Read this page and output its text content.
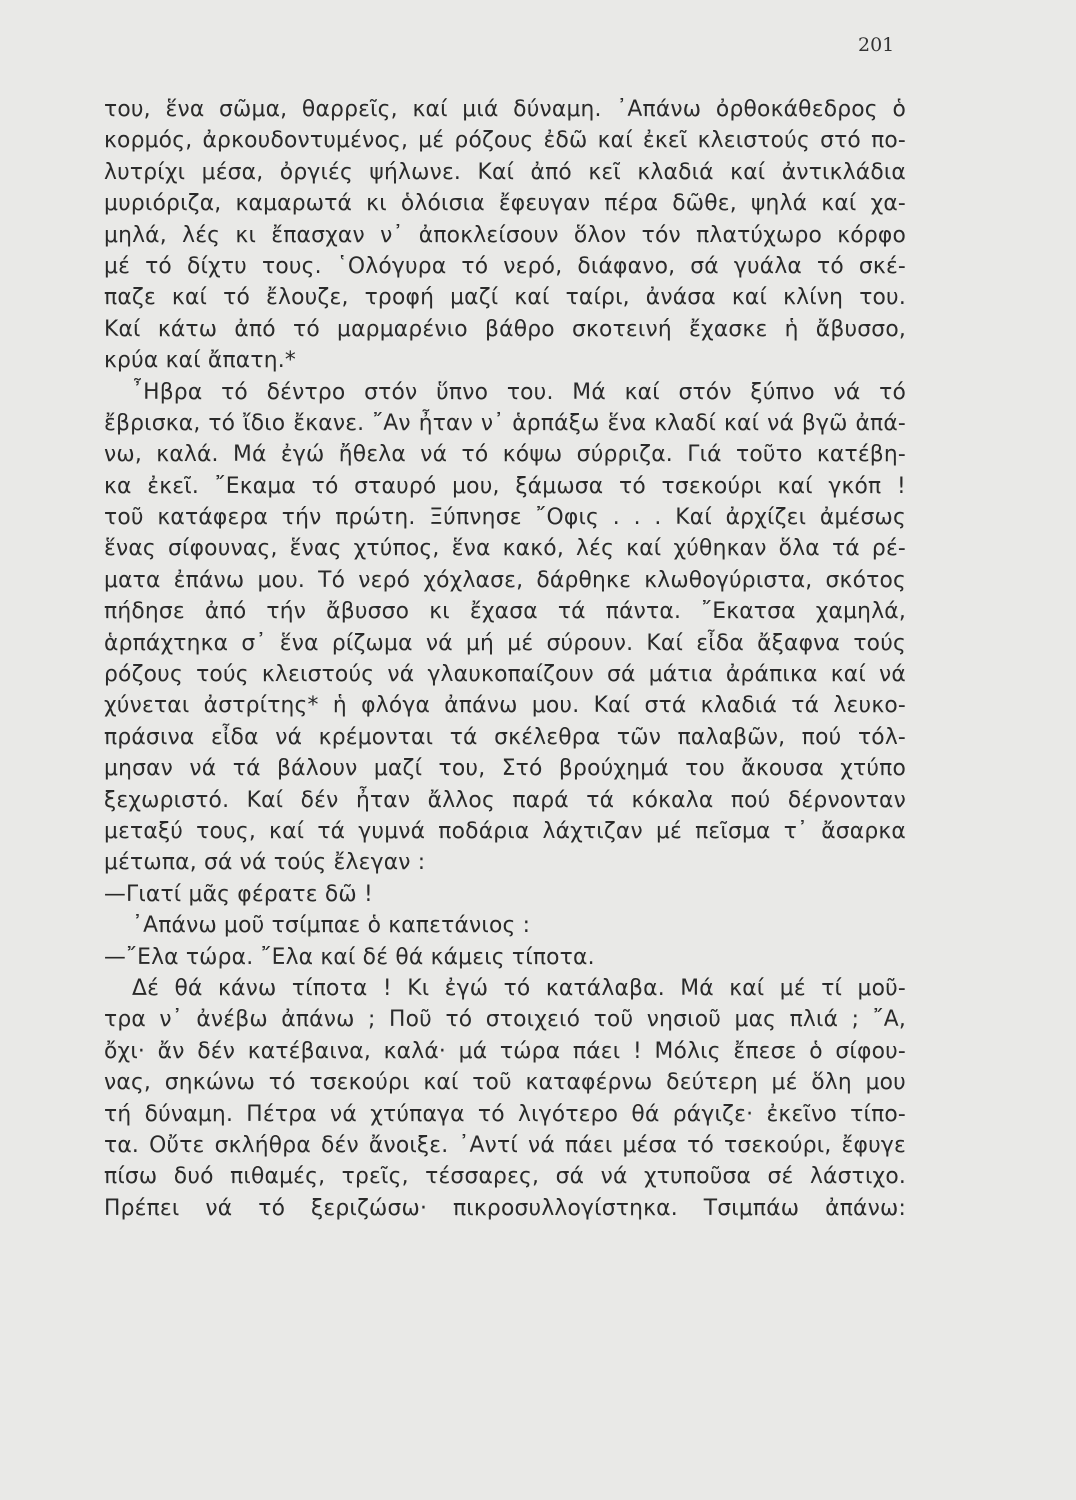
201
του, ἕνα σῶμα, θαρρεῖς, καί μιά δύναμη. ᾿Απάνω ὀρθοκάθεδρος ὁ
κορμός, ἀρκουδοντυμένος, μέ ρόζους ἐδῶ καί ἐκεῖ κλειστούς στό πο-
λυτρίχι μέσα, ὀργιές ψήλωνε. Καί ἀπό κεῖ κλαδιά καί ἀντικλάδια
μυριόριζα, καμαρωτά κι ὁλόισια ἔφευγαν πέρα δῶθε, ψηλά καί χα-
μηλά, λές κι ἔπασχαν ν᾿ ἀποκλείσουν ὅλον τόν πλατύχωρο κόρφο
μέ τό δίχτυ τους. ῾Ολόγυρα τό νερό, διάφανο, σά γυάλα τό σκέ-
παζε καί τό ἔλουζε, τροφή μαζί καί ταίρι, ἀνάσα καί κλίνη του.
Καί κάτω ἀπό τό μαρμαρένιο βάθρο σκοτεινή ἔχασκε ἡ ἄβυσσο,
κρύα καί ἄπατη.*
῏Ηβρα τό δέντρο στόν ὕπνο του. Μά καί στόν ξύπνο νά τό
ἔβρισκα, τό ἴδιο ἔκανε. ῎Αν ἦταν ν᾿ ἁρπάξω ἕνα κλαδί καί νά βγῶ ἀπά-
νω, καλά. Μά ἐγώ ἤθελα νά τό κόψω σύρριζα. Γιά τοῦτο κατέβη-
κα ἐκεῖ. ῎Εκαμα τό σταυρό μου, ξάμωσα τό τσεκούρι καί γκόπ !
τοῦ κατάφερα τήν πρώτη. Ξύπνησε ῎Οφις . . . Καί ἀρχίζει ἀμέσως
ἕνας σίφουνας, ἕνας χτύπος, ἕνα κακό, λές καί χύθηκαν ὅλα τά ρέ-
ματα ἐπάνω μου. Τό νερό χόχλασε, δάρθηκε κλωθογύριστα, σκότος
πήδησε ἀπό τήν ἄβυσσο κι ἔχασα τά πάντα. ῎Εκατσα χαμηλά,
ἁρπάχτηκα σ᾿ ἕνα ρίζωμα νά μή μέ σύρουν. Καί εἶδα ἄξαφνα τούς
ρόζους τούς κλειστούς νά γλαυκοπαίζουν σά μάτια ἀράπικα καί νά
χύνεται ἀστρίτης* ἡ φλόγα ἀπάνω μου. Καί στά κλαδιά τά λευκο-
πράσινα εἶδα νά κρέμονται τά σκέλεθρα τῶν παλαβῶν, πού τόλ-
μησαν νά τά βάλουν μαζί του, Στό βρούχημά του ἄκουσα χτύπο
ξεχωριστό. Καί δέν ἦταν ἄλλος παρά τά κόκαλα πού δέρνονταν
μεταξύ τους, καί τά γυμνά ποδάρια λάχτιζαν μέ πεῖσμα τ᾿ ἄσαρκα
μέτωπα, σά νά τούς ἔλεγαν :
—Γιατί μᾶς φέρατε δῶ !
᾿Απάνω μοῦ τσίμπαε ὁ καπετάνιος :
—῎Ελα τώρα. ῎Ελα καί δέ θά κάμεις τίποτα.
Δέ θά κάνω τίποτα ! Κι ἐγώ τό κατάλαβα. Μά καί μέ τί μοῦ-
τρα ν᾿ ἀνέβω ἀπάνω ; Ποῦ τό στοιχειό τοῦ νησιοῦ μας πλιά ; ῎Α,
ὄχι· ἄν δέν κατέβαινα, καλά· μά τώρα πάει ! Μόλις ἔπεσε ὁ σίφου-
νας, σηκώνω τό τσεκούρι καί τοῦ καταφέρνω δεύτερη μέ ὅλη μου
τή δύναμη. Πέτρα νά χτύπαγα τό λιγότερο θά ράγιζε· ἐκεῖνο τίπο-
τα. Οὔτε σκλήθρα δέν ἄνοιξε. ᾿Αντί νά πάει μέσα τό τσεκούρι, ἔφυγε
πίσω δυό πιθαμές, τρεῖς, τέσσαρες, σά νά χτυποῦσα σέ λάστιχο.
Πρέπει νά τό ξεριζώσω· πικροσυλλογίστηκα. Τσιμπάω ἀπάνω:
